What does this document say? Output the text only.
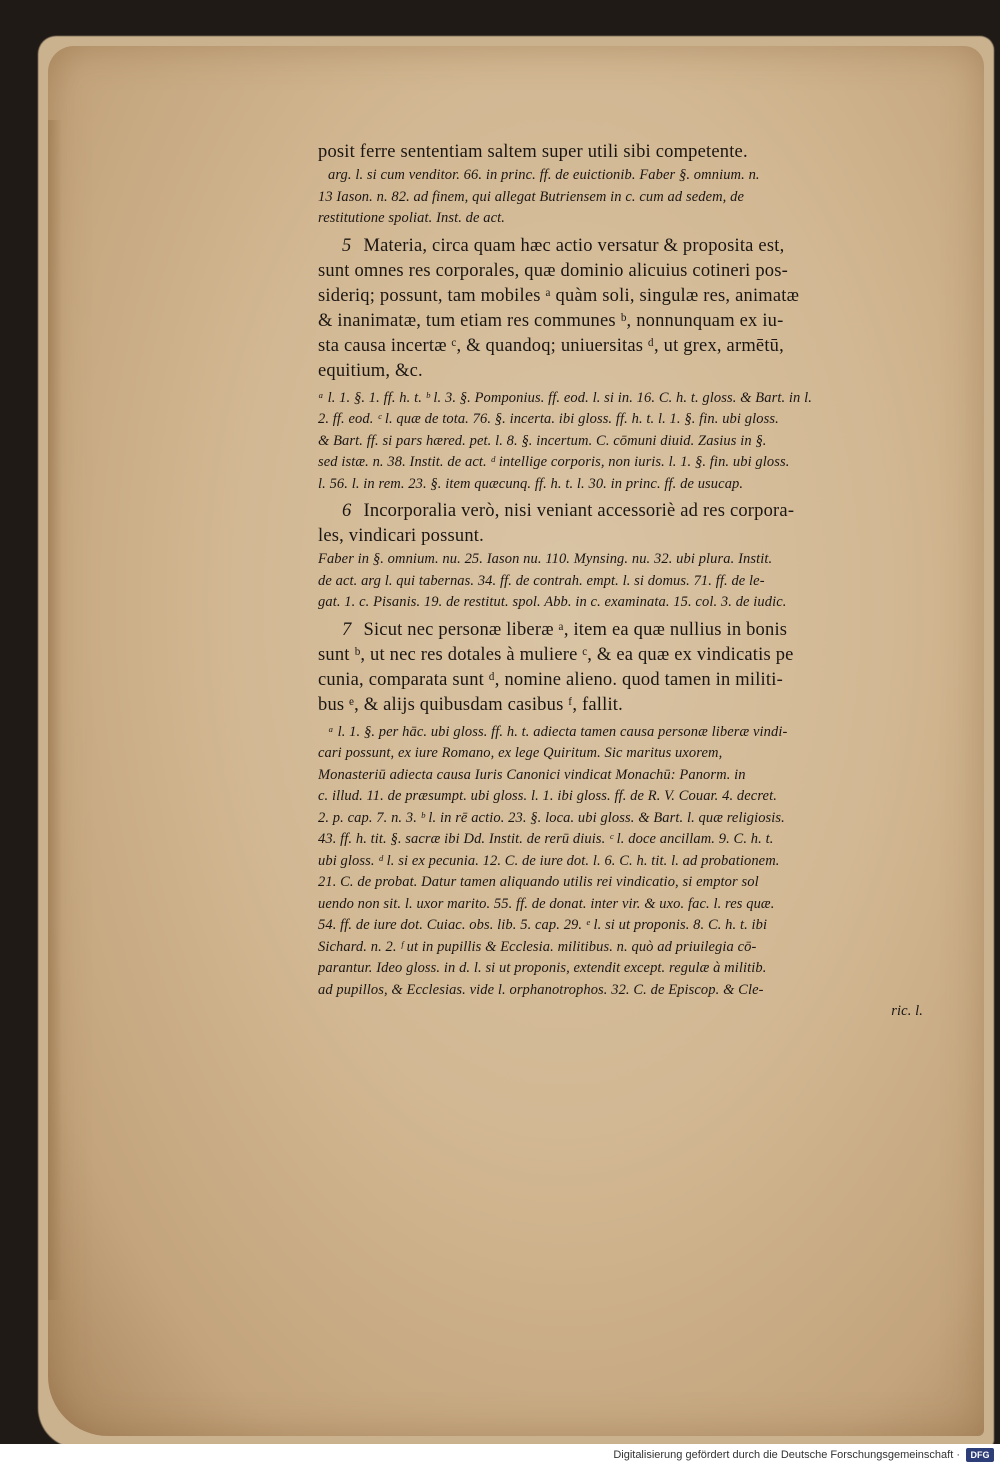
posit ferre sententiam saltem super utili sibi competente.
arg. l. si cum venditor. 66. in princ. ff. de euictionib. Faber §. omnium. n.
13 Iason. n. 82. ad finem, qui allegat Butriensem in c. cum ad sedem, de
restitutione spoliat. Inst. de act.
5 Materia, circa quam hæc actio versatur & proposita est,
sunt omnes res corporales, quæ dominio alicuius cotineri pos-
sideriq; possunt, tam mobiles ᵃ quàm soli, singulæ res, animatæ
& inanimatæ, tum etiam res communes ᵇ, nonnunquam ex iu-
sta causa incertæ ᶜ, & quandoq; uniuersitas ᵈ, ut grex, armētū,
equitium, &c.
ᵃ l. 1. §. 1. ff. h. t. ᵇ l. 3. §. Pomponius. ff. eod. l. si in. 16. C. h. t. gloss. & Bart. in l.
2. ff. eod. ᶜ l. quæ de tota. 76. §. incerta. ibi gloss. ff. h. t. l. 1. §. fin. ubi gloss.
& Bart. ff. si pars hæred. pet. l. 8. §. incertum. C. cōmuni diuid. Zasius in §.
sed istæ. n. 38. Instit. de act. ᵈ intellige corporis, non iuris. l. 1. §. fin. ubi gloss.
l. 56. l. in rem. 23. §. item quæcunq. ff. h. t. l. 30. in princ. ff. de usucap.
6 Incorporalia verò, nisi veniant accessoriè ad res corpora-
les, vindicari possunt.
Faber in §. omnium. nu. 25. Iason nu. 110. Mynsing. nu. 32. ubi plura. Instit.
de act. arg l. qui tabernas. 34. ff. de contrah. empt. l. si domus. 71. ff. de le-
gat. 1. c. Pisanis. 19. de restitut. spol. Abb. in c. examinata. 15. col. 3. de iudic.
7 Sicut nec personæ liberæ ᵃ, item ea quæ nullius in bonis
sunt ᵇ, ut nec res dotales à muliere ᶜ, & ea quæ ex vindicatis pe
cunia, comparata sunt ᵈ, nomine alieno. quod tamen in militi-
bus ᵉ, & alijs quibusdam casibus ᶠ, fallit.
ᵃ l. 1. §. per hāc. ubi gloss. ff. h. t. adiecta tamen causa personæ liberæ vindi-
cari possunt, ex iure Romano, ex lege Quiritum. Sic maritus uxorem,
Monasteriū adiecta causa Iuris Canonici vindicat Monachū: Panorm. in
c. illud. 11. de præsumpt. ubi gloss. l. 1. ibi gloss. ff. de R. V. Couar. 4. decret.
2. p. cap. 7. n. 3. ᵇ l. in rē actio. 23. §. loca. ubi gloss. & Bart. l. quæ religiosis.
43. ff. h. tit. §. sacræ ibi Dd. Instit. de rerū diuis. ᶜ l. doce ancillam. 9. C. h. t.
ubi gloss. ᵈ l. si ex pecunia. 12. C. de iure dot. l. 6. C. h. tit. l. ad probationem.
21. C. de probat. Datur tamen aliquando utilis rei vindicatio, si emptor sol
uendo non sit. l. uxor marito. 55. ff. de donat. inter vir. & uxo. fac. l. res quæ.
54. ff. de iure dot. Cuiac. obs. lib. 5. cap. 29. ᵉ l. si ut proponis. 8. C. h. t. ibi
Sichard. n. 2. ᶠ ut in pupillis & Ecclesia. militibus. n. quò ad priuilegia cō-
parantur. Ideo gloss. in d. l. si ut proponis, extendit except. regulæ à militib.
ad pupillos, & Ecclesias. vide l. orphanotrophos. 32. C. de Episcop. & Cle-
ric. l.
Digitalisierung gefördert durch die Deutsche Forschungsgemeinschaft ·	DFG
